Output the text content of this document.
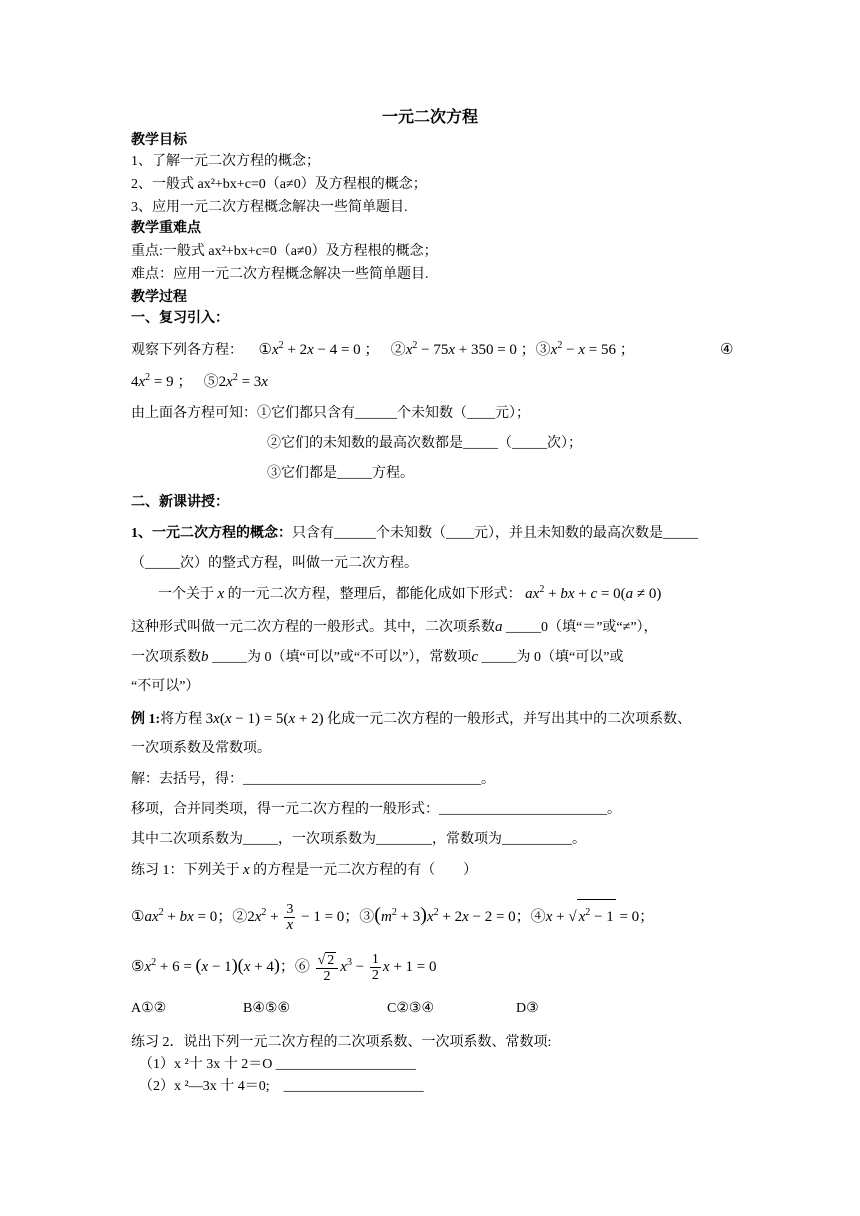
一元二次方程
教学目标
1、了解一元二次方程的概念；
2、一般式 ax²+bx+c=0（a≠0）及方程根的概念；
3、应用一元二次方程概念解决一些简单题目.
教学重难点
重点:一般式 ax²+bx+c=0（a≠0）及方程根的概念；
难点：应用一元二次方程概念解决一些简单题目.
教学过程
一、复习引入：
观察下列各方程： $①x^2 + 2x - 4 = 0$ ；   $②x^2 - 75x + 350 = 0$ ；$③x^2 - x = 56$ ；	④
$4x^2 = 9$ ；   $⑤2x^2 = 3x$
由上面各方程可知：①它们都只含有______个未知数（____元）；
②它们的未知数的最高次数都是_____（_____次）；
③它们都是_____方程。
二、新课讲授：
1、一元二次方程的概念：只含有______个未知数（____元），并且未知数的最高次数是_____
（_____次）的整式方程，叫做一元二次方程。
一个关于 x 的一元二次方程，整理后，都能化成如下形式： $ax^2$ + bx + c = 0(a ≠ 0)
这种形式叫做一元二次方程的一般形式。其中，二次项系数a _____0（填“＝”或“≠”），
一次项系数b _____为 0（填“可以”或“不可以”），常数项c _____为 0（填“可以”或
“不可以”）
例 1:将方程 3x(x − 1) = 5(x + 2) 化成一元二次方程的一般形式，并写出其中的二次项系数、
一次项系数及常数项。
解：去括号，得：__________________________________。
移项，合并同类项，得一元二次方程的一般形式：________________________。
其中二次项系数为_____，一次项系数为________，常数项为__________。
练习 1：下列关于 x 的方程是一元二次方程的有（　　）
$①ax^2$ + bx = 0；$②2x^2 + \frac{3}{x} - 1 = 0$；$③(m^2 + 3)x^2 + 2x - 2 = 0$；④x + √ $x^2 - 1 = 0$；
$⑤x^2 + 6 = (x - 1)(x + 4)$；⑥ $\frac{√ 2}{2} x^3 - \frac{1}{2}$ x + 1 = 0
A①②	B④⑤⑥	C②③④	D③
练习 2．说出下列一元二次方程的二次项系数、一次项系数、常数项:
（1）x ²十 3x 十 2＝O ____________________
（2）x ²—3x 十 4＝0;　____________________
